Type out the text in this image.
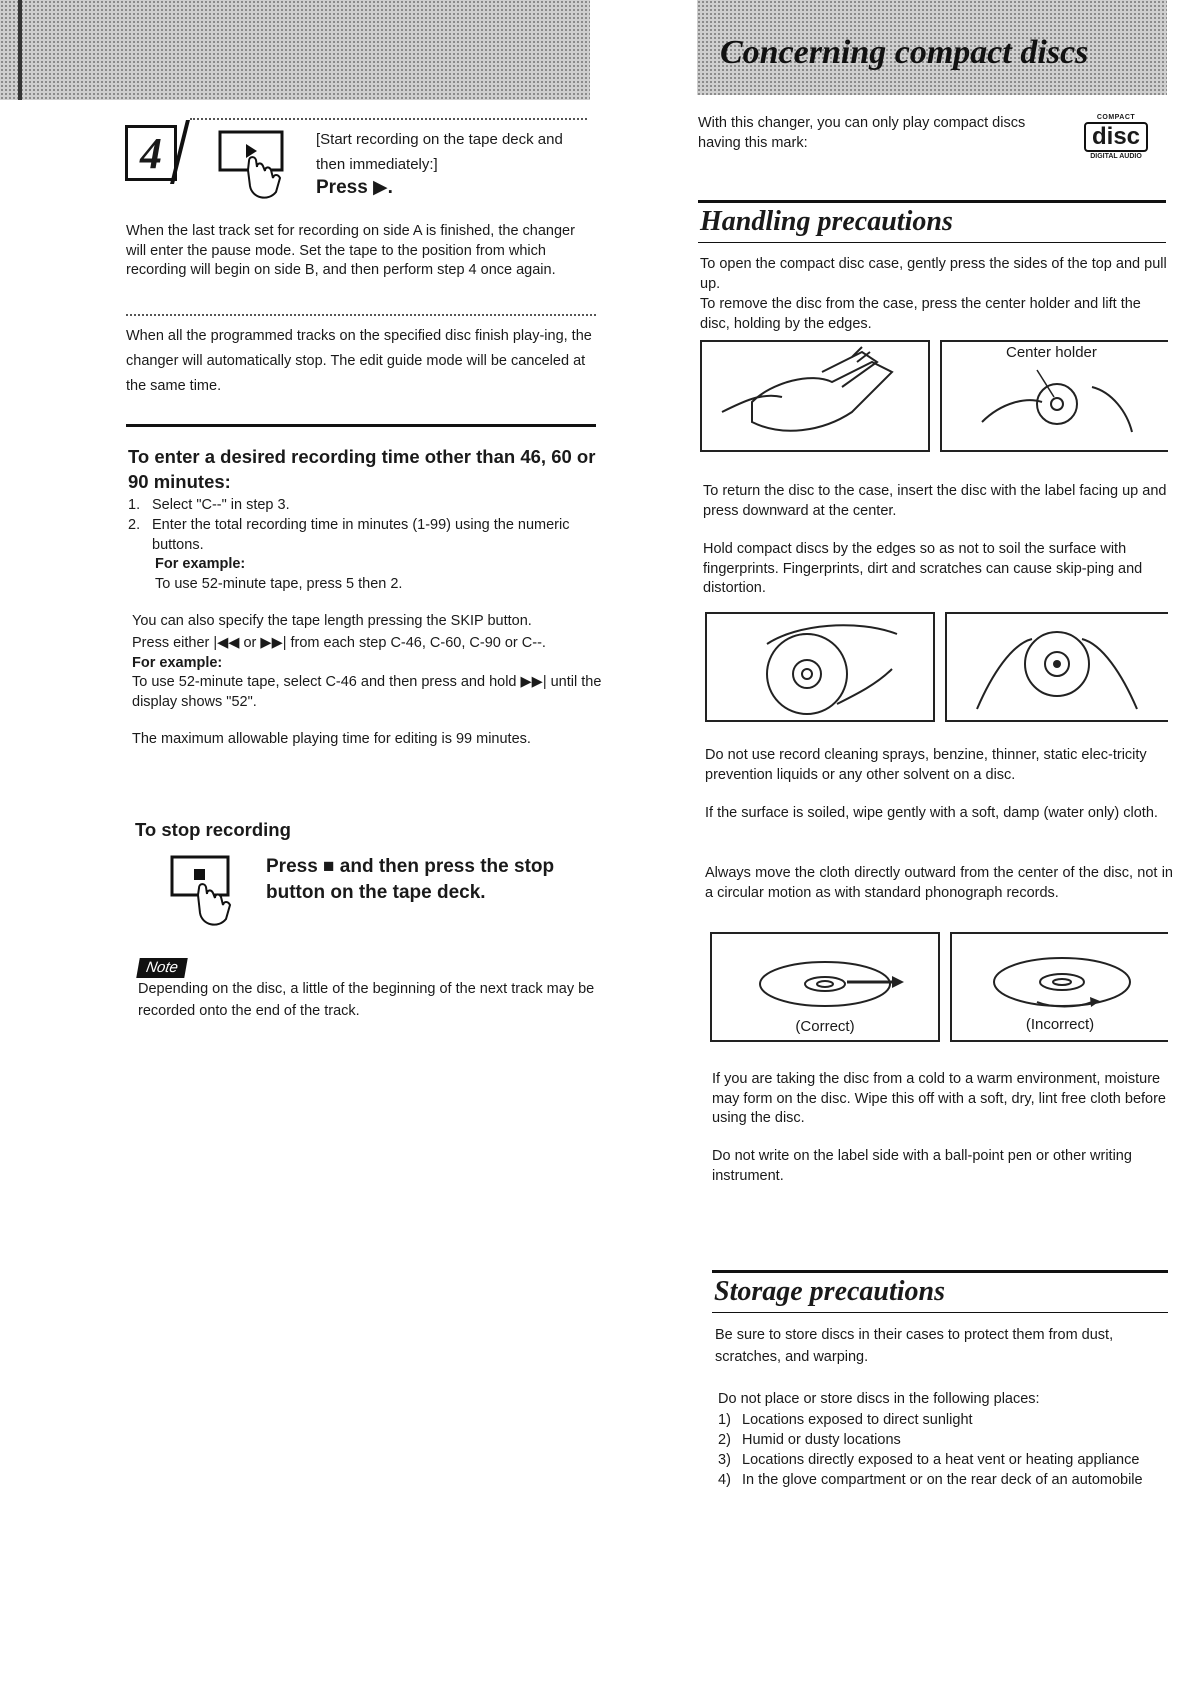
Concerning compact discs
4	[Start recording on the tape deck and then immediately:]
Press ▶.
When the last track set for recording on side A is finished, the changer will enter the pause mode. Set the tape to the position from which recording will begin on side B, and then perform step 4 once again.
When all the programmed tracks on the specified disc finish play-ing, the changer will automatically stop. The edit guide mode will be canceled at the same time.
To enter a desired recording time other than 46, 60 or 90 minutes:
1. Select "C--" in step 3.
2. Enter the total recording time in minutes (1-99) using the numeric buttons.
For example:
To use 52-minute tape, press 5 then 2.
You can also specify the tape length pressing the SKIP button.
Press either |◀◀ or ▶▶| from each step C-46, C-60, C-90 or C--.
For example:
To use 52-minute tape, select C-46 and then press and hold ▶▶| until the display shows "52".
The maximum allowable playing time for editing is 99 minutes.
To stop recording
Press ■ and then press the stop button on the tape deck.
Note
Depending on the disc, a little of the beginning of the next track may be recorded onto the end of the track.
With this changer, you can only play compact discs having this mark:
COMPACT
disc
DIGITAL AUDIO
Handling precautions
To open the compact disc case, gently press the sides of the top and pull up.
To remove the disc from the case, press the center holder and lift the disc, holding by the edges.
Center holder
To return the disc to the case, insert the disc with the label facing up and press downward at the center.
Hold compact discs by the edges so as not to soil the surface with fingerprints. Fingerprints, dirt and scratches can cause skip-ping and distortion.
Do not use record cleaning sprays, benzine, thinner, static elec-tricity prevention liquids or any other solvent on a disc.
If the surface is soiled, wipe gently with a soft, damp (water only) cloth.
Always move the cloth directly outward from the center of the disc, not in a circular motion as with standard phonograph records.
(Correct)	(Incorrect)
If you are taking the disc from a cold to a warm environment, moisture may form on the disc. Wipe this off with a soft, dry, lint free cloth before using the disc.
Do not write on the label side with a ball-point pen or other writing instrument.
Storage precautions
Be sure to store discs in their cases to protect them from dust, scratches, and warping.
Do not place or store discs in the following places:
1) Locations exposed to direct sunlight
2) Humid or dusty locations
3) Locations directly exposed to a heat vent or heating appliance
4) In the glove compartment or on the rear deck of an automobile
